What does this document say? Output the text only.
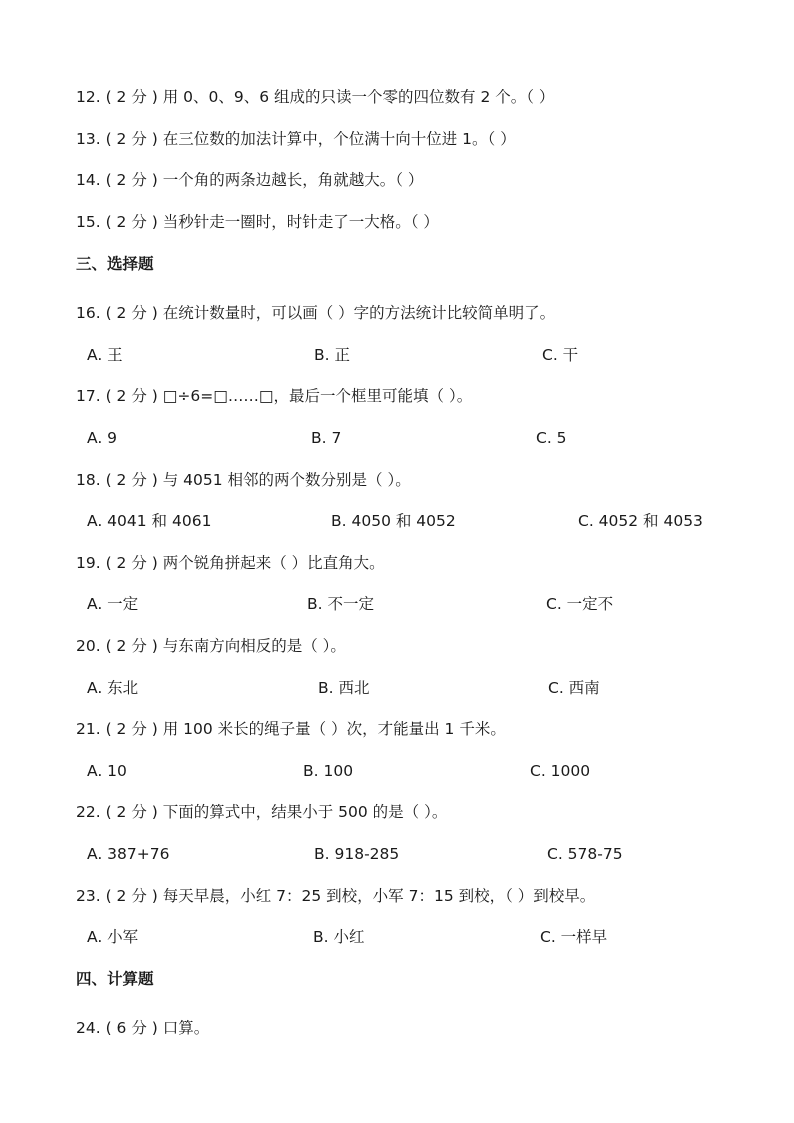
12. ( 2 分 ) 用 0、0、9、6 组成的只读一个零的四位数有 2 个。（ ）
13. ( 2 分 ) 在三位数的加法计算中，个位满十向十位进 1。（ ）
14. ( 2 分 ) 一个角的两条边越长，角就越大。（ ）
15. ( 2 分 ) 当秒针走一圈时，时针走了一大格。（ ）
三、选择题
16. ( 2 分 ) 在统计数量时，可以画（ ）字的方法统计比较简单明了。
A. 王	B. 正	C. 干
17. ( 2 分 ) □÷6=□……□，最后一个框里可能填（ ）。
A. 9	B. 7	C. 5
18. ( 2 分 ) 与 4051 相邻的两个数分别是（ ）。
A. 4041 和 4061	B. 4050 和 4052	C. 4052 和 4053
19. ( 2 分 ) 两个锐角拼起来（ ）比直角大。
A. 一定	B. 不一定	C. 一定不
20. ( 2 分 ) 与东南方向相反的是（ ）。
A. 东北	B. 西北	C. 西南
21. ( 2 分 ) 用 100 米长的绳子量（ ）次，才能量出 1 千米。
A. 10	B. 100	C. 1000
22. ( 2 分 ) 下面的算式中，结果小于 500 的是（ ）。
A. 387+76	B. 918-285	C. 578-75
23. ( 2 分 ) 每天早晨，小红 7：25 到校，小军 7：15 到校，（ ）到校早。
A. 小军	B. 小红	C. 一样早
四、计算题
24. ( 6 分 ) 口算。
